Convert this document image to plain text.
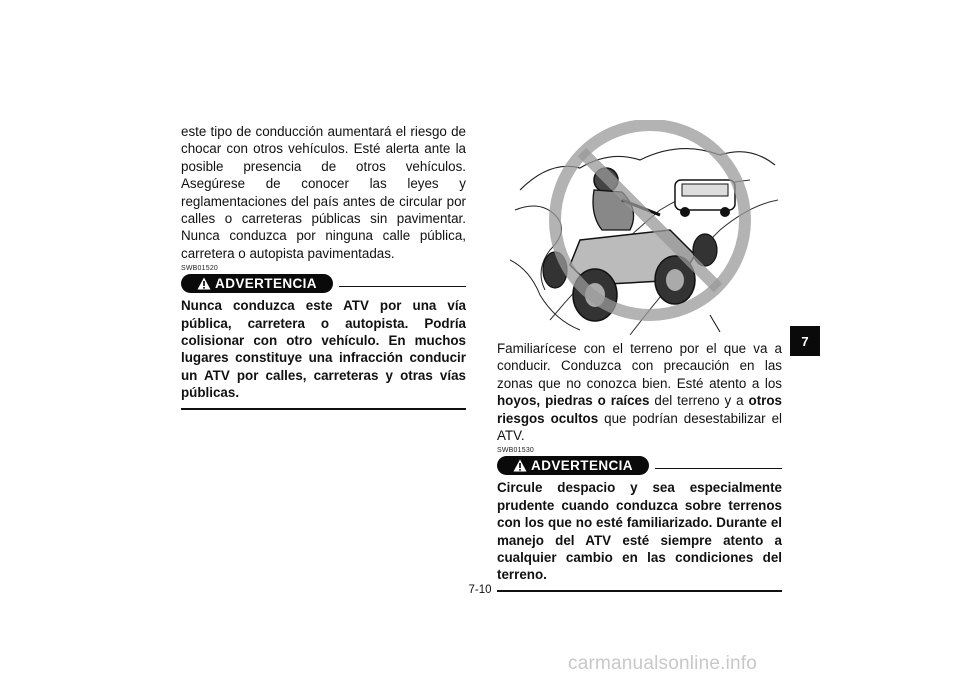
este tipo de conducción aumentará el riesgo de chocar con otros vehículos. Esté alerta ante la posible presencia de otros vehículos. Asegúrese de conocer las leyes y reglamentaciones del país antes de circular por calles o carreteras públicas sin pavimentar. Nunca conduzca por ninguna calle pública, carretera o autopista pavimentadas.

SWB01520
ADVERTENCIA

Nunca conduzca este ATV por una vía pública, carretera o autopista. Podría colisionar con otro vehículo. En muchos lugares constituye una infracción conducir un ATV por calles, carreteras y otras vías públicas.

Familiarícese con el terreno por el que va a conducir. Conduzca con precaución en las zonas que no conozca bien. Esté atento a los hoyos, piedras o raíces del terreno y a otros riesgos ocultos que podrían desestabilizar el ATV.

SWB01530
ADVERTENCIA

Circule despacio y sea especialmente prudente cuando conduzca sobre terrenos con los que no esté familiarizado. Durante el manejo del ATV esté siempre atento a cualquier cambio en las condiciones del terreno.

7
7-10
carmanualsonline.info
